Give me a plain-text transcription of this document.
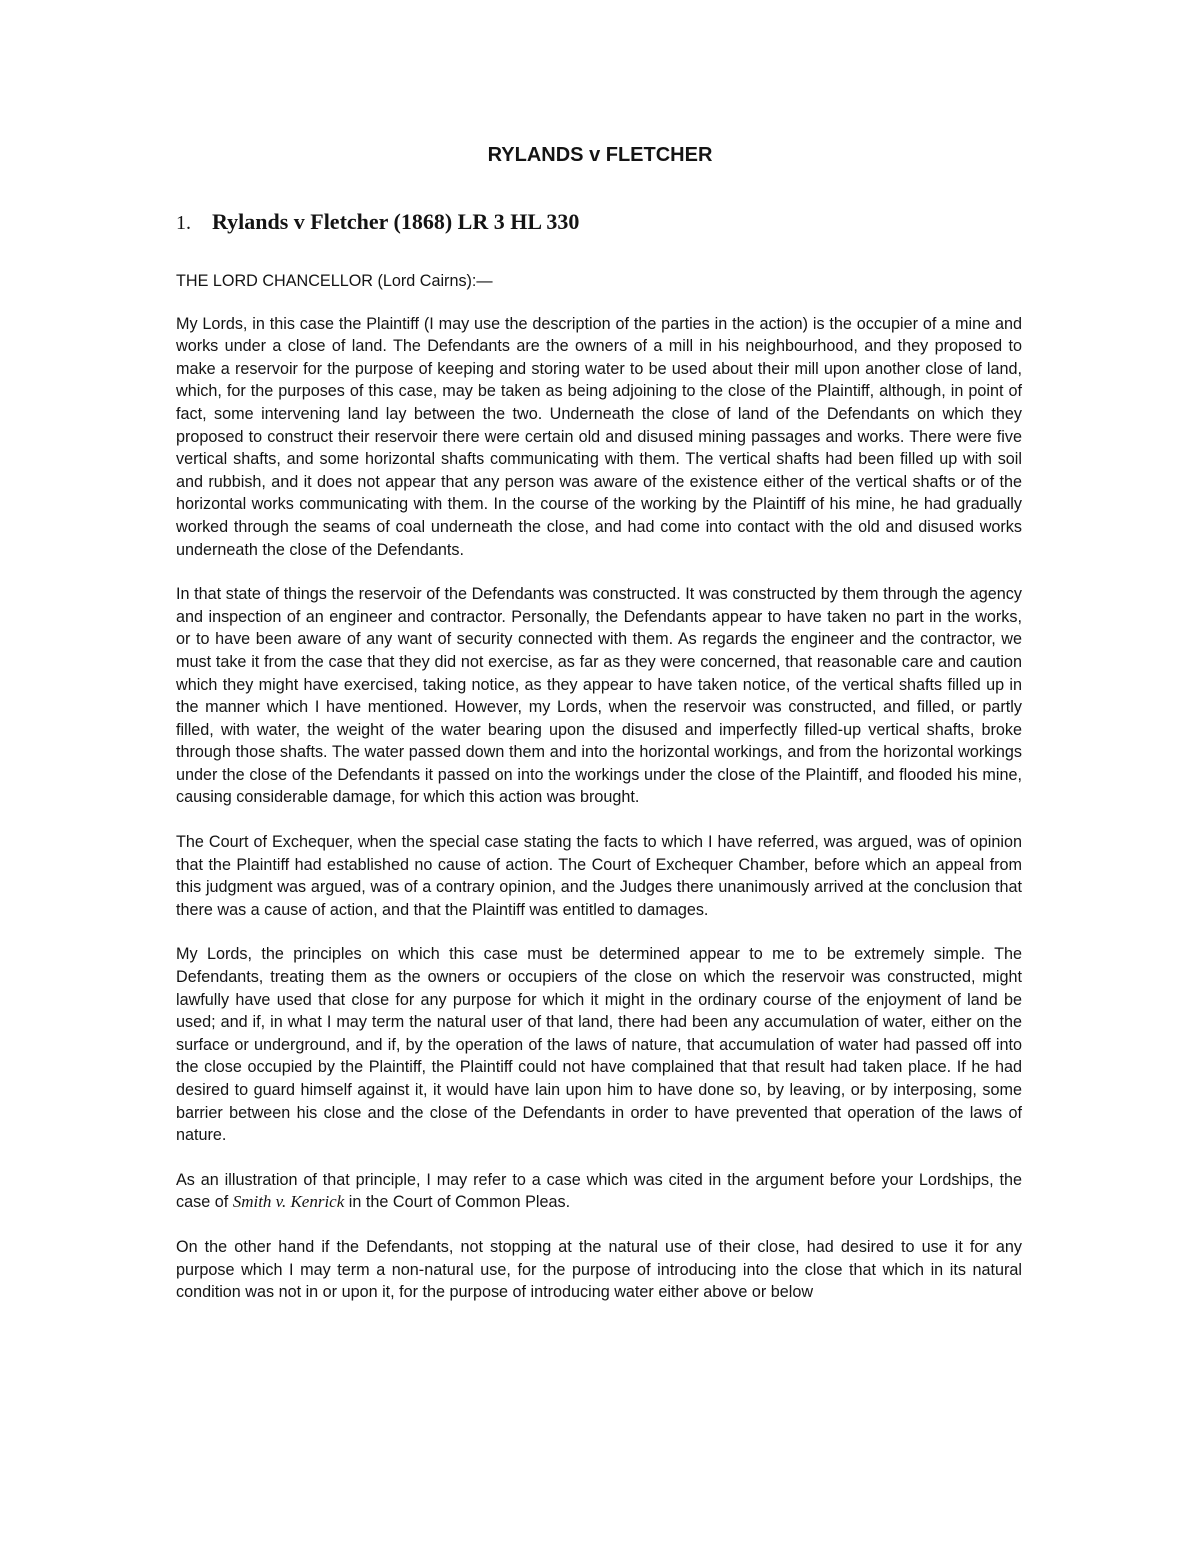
RYLANDS v FLETCHER
1. Rylands v Fletcher (1868) LR 3 HL 330

THE LORD CHANCELLOR (Lord Cairns):—

My Lords, in this case the Plaintiff (I may use the description of the parties in the action) is the occupier of a mine and works under a close of land. The Defendants are the owners of a mill in his neighbourhood, and they proposed to make a reservoir for the purpose of keeping and storing water to be used about their mill upon another close of land, which, for the purposes of this case, may be taken as being adjoining to the close of the Plaintiff, although, in point of fact, some intervening land lay between the two. Underneath the close of land of the Defendants on which they proposed to construct their reservoir there were certain old and disused mining passages and works. There were five vertical shafts, and some horizontal shafts communicating with them. The vertical shafts had been filled up with soil and rubbish, and it does not appear that any person was aware of the existence either of the vertical shafts or of the horizontal works communicating with them. In the course of the working by the Plaintiff of his mine, he had gradually worked through the seams of coal underneath the close, and had come into contact with the old and disused works underneath the close of the Defendants.

In that state of things the reservoir of the Defendants was constructed. It was constructed by them through the agency and inspection of an engineer and contractor. Personally, the Defendants appear to have taken no part in the works, or to have been aware of any want of security connected with them. As regards the engineer and the contractor, we must take it from the case that they did not exercise, as far as they were concerned, that reasonable care and caution which they might have exercised, taking notice, as they appear to have taken notice, of the vertical shafts filled up in the manner which I have mentioned. However, my Lords, when the reservoir was constructed, and filled, or partly filled, with water, the weight of the water bearing upon the disused and imperfectly filled-up vertical shafts, broke through those shafts. The water passed down them and into the horizontal workings, and from the horizontal workings under the close of the Defendants it passed on into the workings under the close of the Plaintiff, and flooded his mine, causing considerable damage, for which this action was brought.

The Court of Exchequer, when the special case stating the facts to which I have referred, was argued, was of opinion that the Plaintiff had established no cause of action. The Court of Exchequer Chamber, before which an appeal from this judgment was argued, was of a contrary opinion, and the Judges there unanimously arrived at the conclusion that there was a cause of action, and that the Plaintiff was entitled to damages.

My Lords, the principles on which this case must be determined appear to me to be extremely simple. The Defendants, treating them as the owners or occupiers of the close on which the reservoir was constructed, might lawfully have used that close for any purpose for which it might in the ordinary course of the enjoyment of land be used; and if, in what I may term the natural user of that land, there had been any accumulation of water, either on the surface or underground, and if, by the operation of the laws of nature, that accumulation of water had passed off into the close occupied by the Plaintiff, the Plaintiff could not have complained that that result had taken place. If he had desired to guard himself against it, it would have lain upon him to have done so, by leaving, or by interposing, some barrier between his close and the close of the Defendants in order to have prevented that operation of the laws of nature.

As an illustration of that principle, I may refer to a case which was cited in the argument before your Lordships, the case of Smith v. Kenrick in the Court of Common Pleas.

On the other hand if the Defendants, not stopping at the natural use of their close, had desired to use it for any purpose which I may term a non-natural use, for the purpose of introducing into the close that which in its natural condition was not in or upon it, for the purpose of introducing water either above or below
